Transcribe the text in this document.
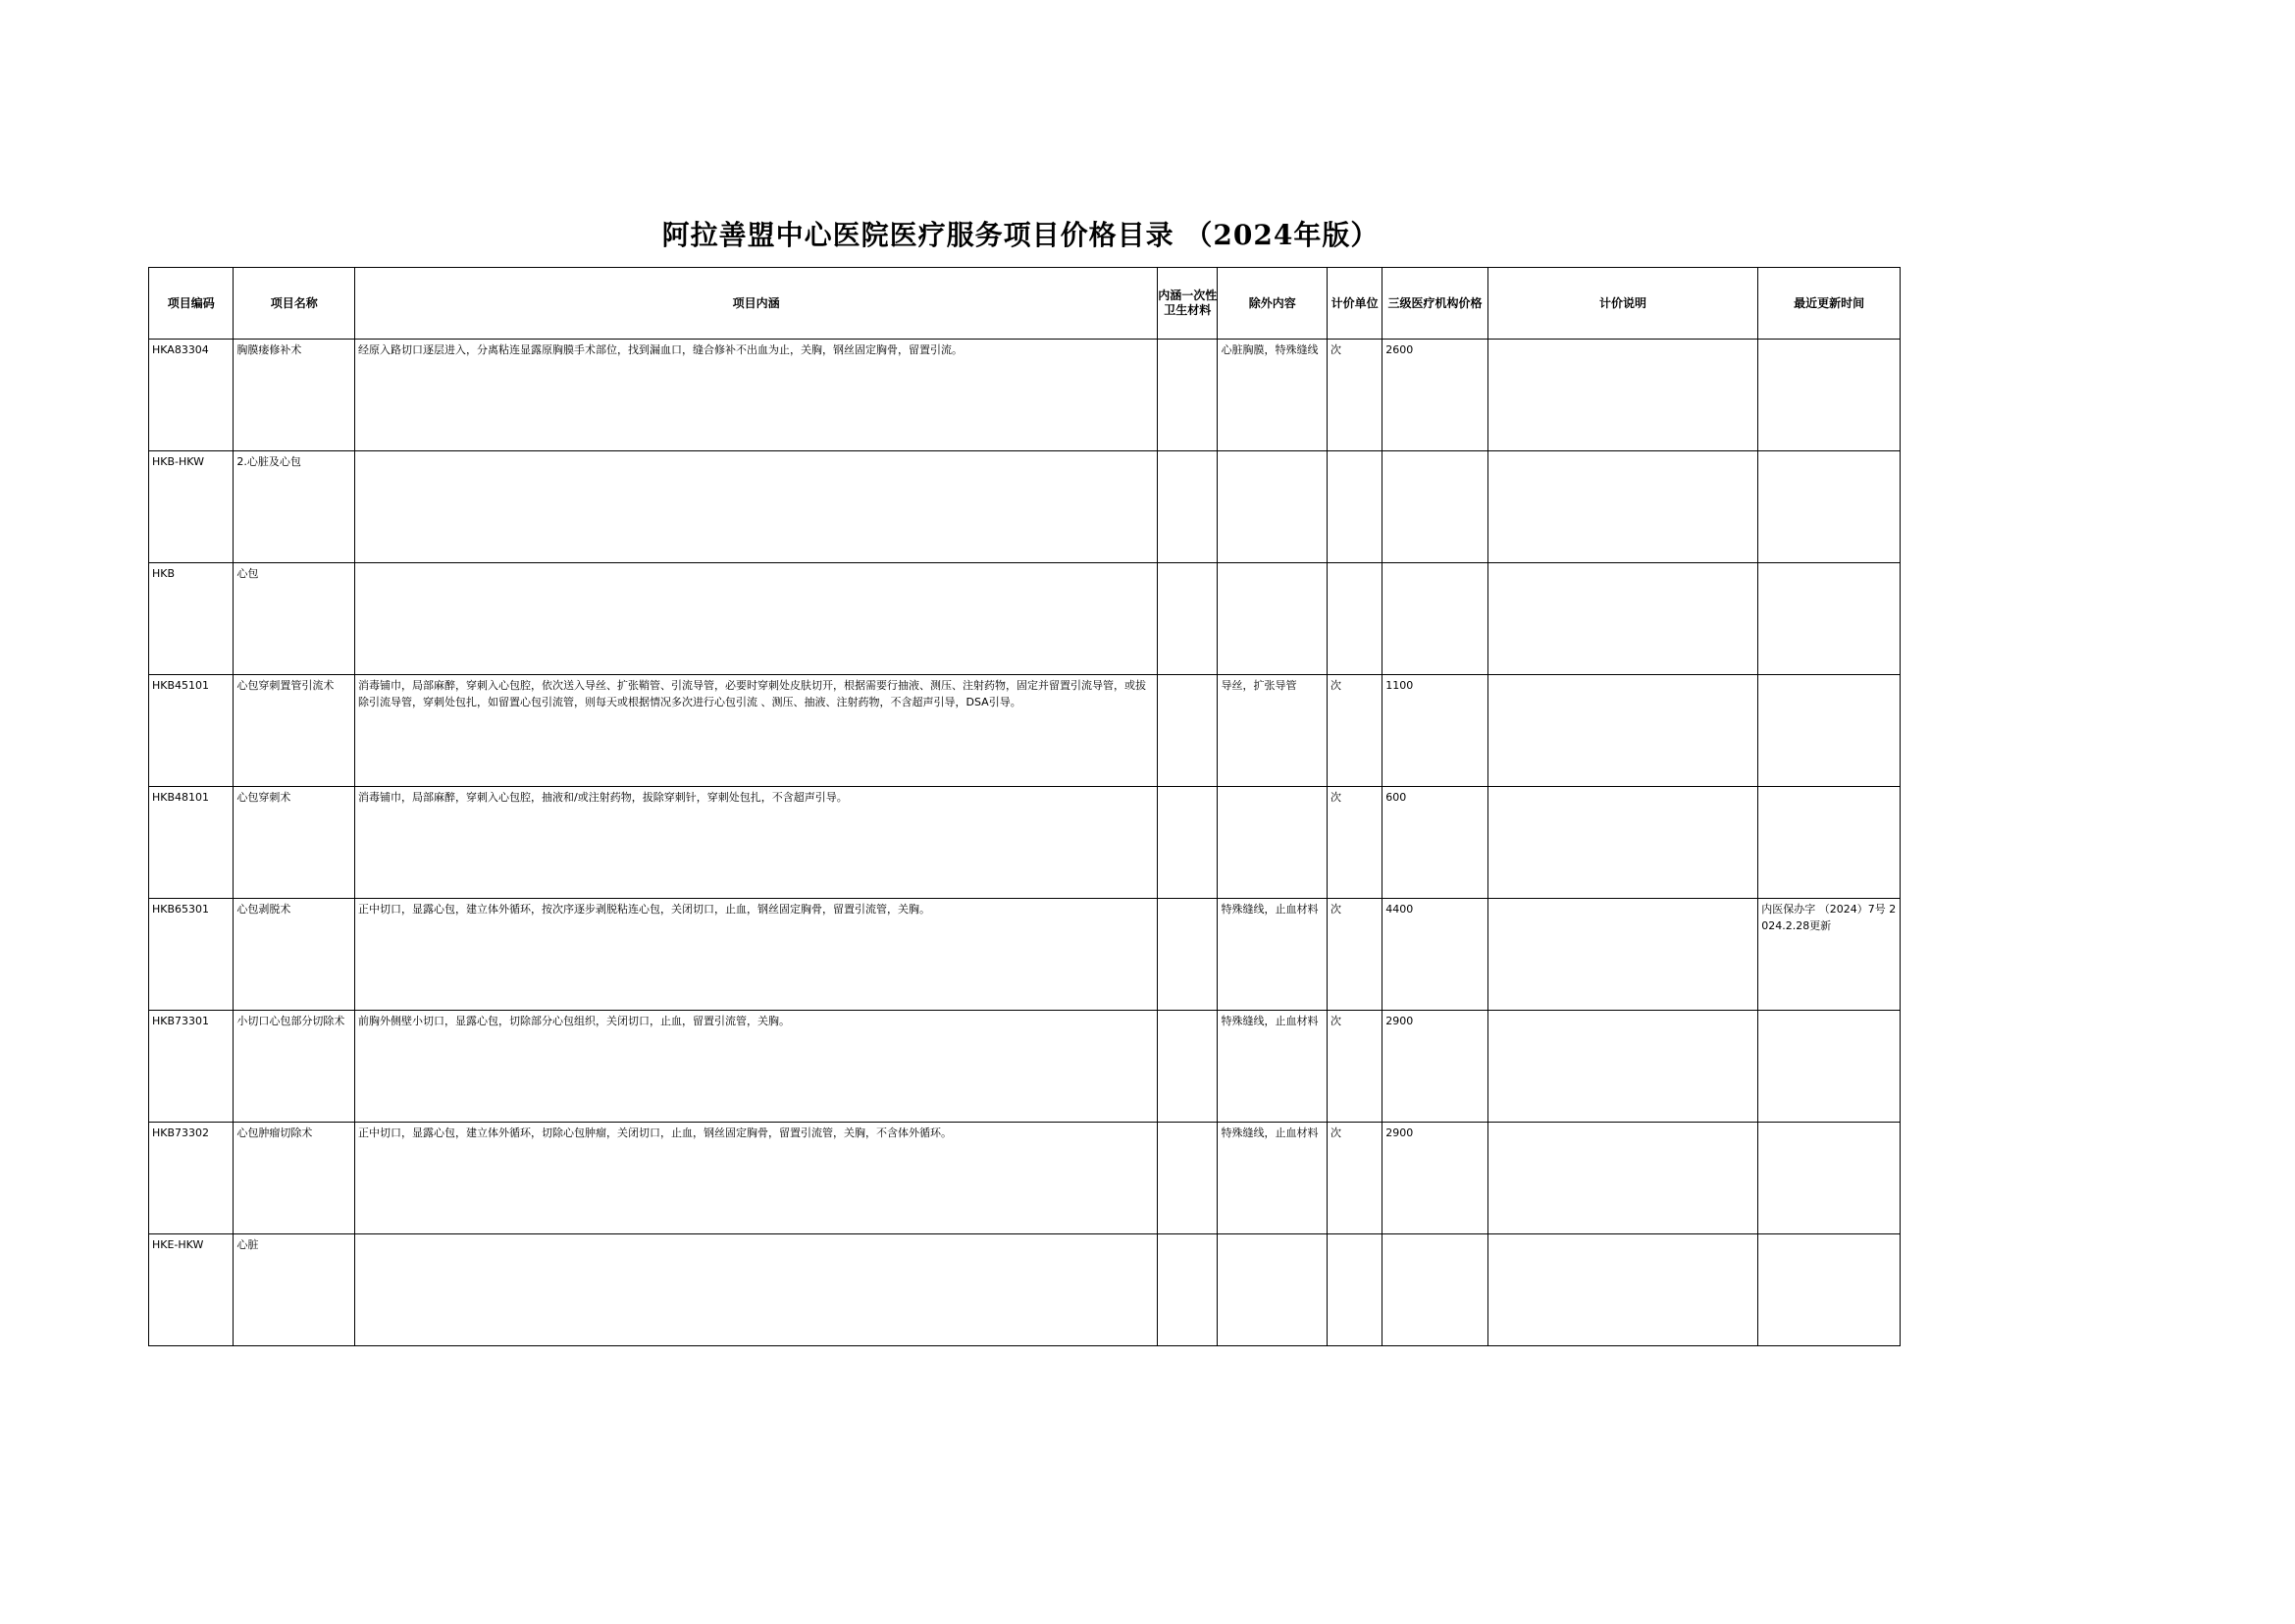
阿拉善盟中心医院医疗服务项目价格目录 （2024年版）
项目编码	项目名称	项目内涵	内涵一次性卫生材料	除外内容	计价单位	三级医疗机构价格	计价说明	最近更新时间

HKA83304	胸膜瘘修补术	经原入路切口逐层进入，分离粘连显露原胸膜手术部位，找到漏血口，缝合修补不出血为止，关胸，钢丝固定胸骨，留置引流。		心脏胸膜，特殊缝线	次	2600		

HKB-HKW	2.心脏及心包							

HKB	心包							

HKB45101	心包穿刺置管引流术	消毒铺巾，局部麻醉，穿刺入心包腔，依次送入导丝、扩张鞘管、引流导管，必要时穿刺处皮肤切开，根据需要行抽液、测压、注射药物，固定并留置引流导管，或拔除引流导管，穿刺处包扎，如留置心包引流管，则每天或根据情况多次进行心包引流 、测压、抽液、注射药物，不含超声引导，DSA引导。		导丝，扩张导管	次	1100		

HKB48101	心包穿刺术	消毒铺巾，局部麻醉，穿刺入心包腔，抽液和/或注射药物，拔除穿刺针，穿刺处包扎，不含超声引导。			次	600		

HKB65301	心包剥脱术	正中切口，显露心包，建立体外循环，按次序逐步剥脱粘连心包，关闭切口，止血，钢丝固定胸骨，留置引流管，关胸。		特殊缝线，止血材料	次	4400		内医保办字 （2024）7号 2024.2.28更新

HKB73301	小切口心包部分切除术	前胸外侧壁小切口，显露心包，切除部分心包组织，关闭切口，止血，留置引流管，关胸。		特殊缝线，止血材料	次	2900		

HKB73302	心包肿瘤切除术	正中切口，显露心包，建立体外循环，切除心包肿瘤，关闭切口，止血，钢丝固定胸骨，留置引流管，关胸，不含体外循环。		特殊缝线，止血材料	次	2900		

HKE-HKW	心脏							
